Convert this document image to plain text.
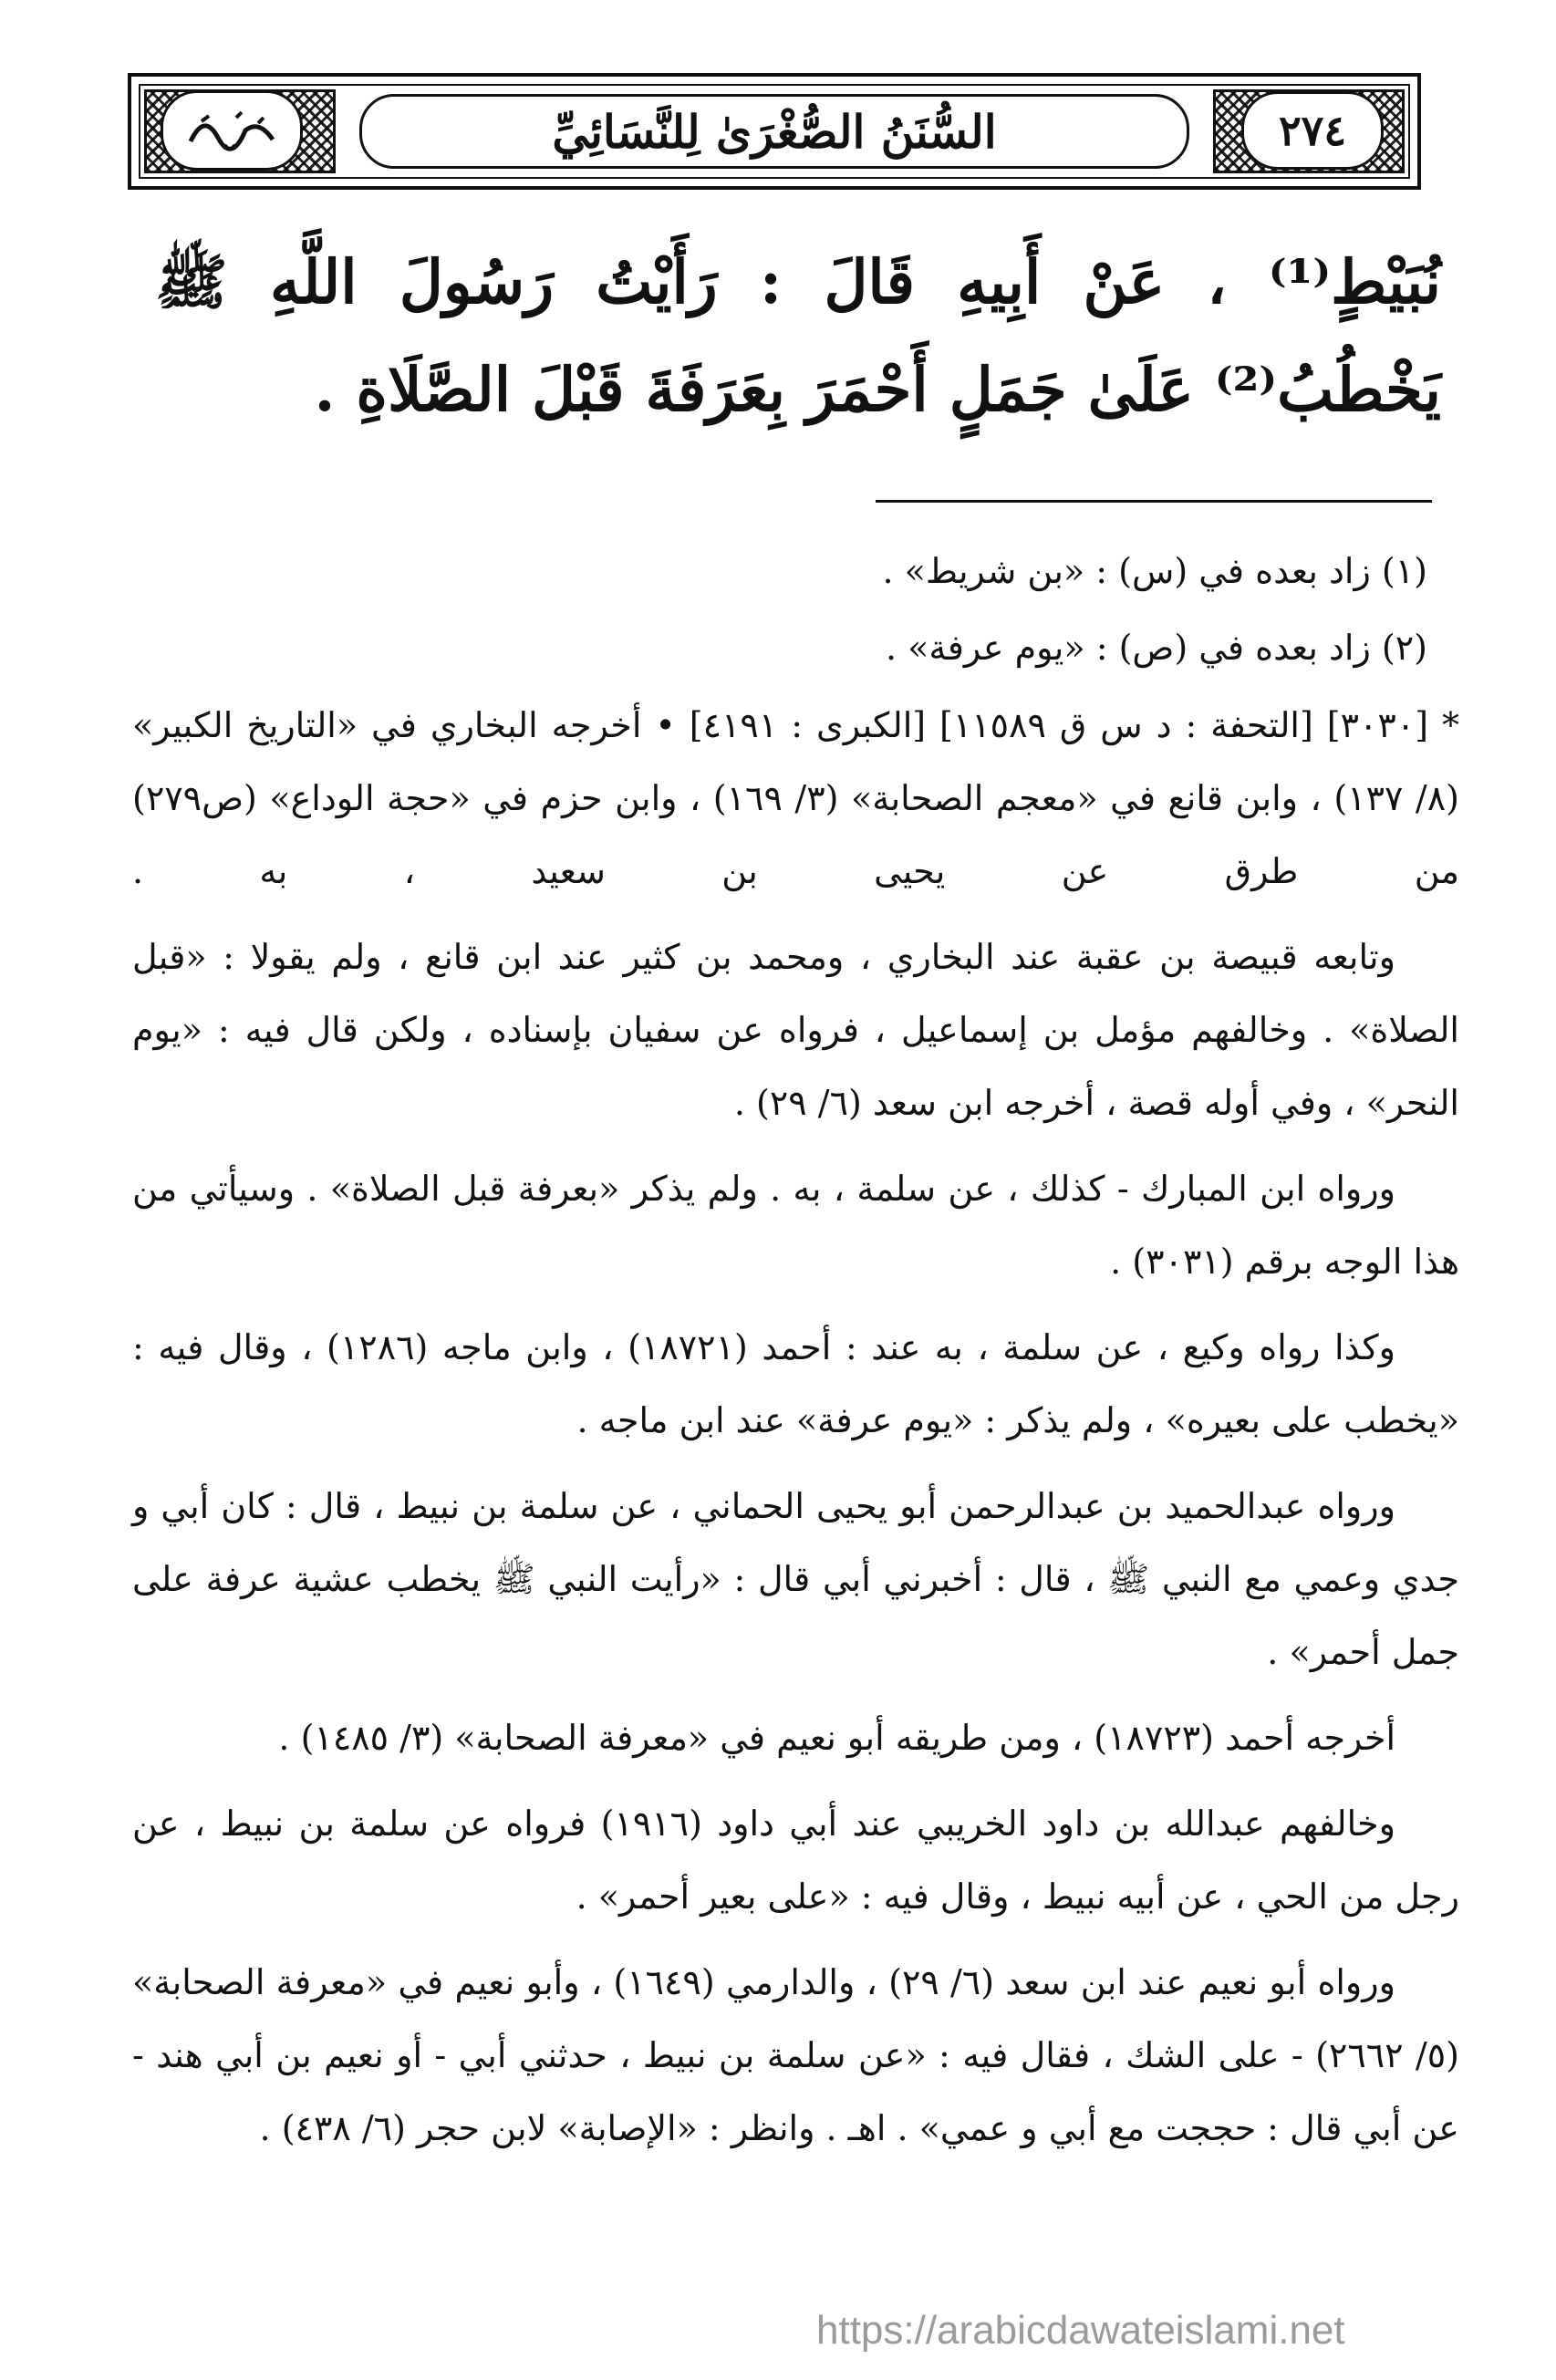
السُّنَنُ الصُّغْرَىٰ لِلنَّسَائِيِّ	٢٧٤
نُبَيْطٍ⁽¹⁾ ، عَنْ أَبِيهِ قَالَ : رَأَيْتُ رَسُولَ اللَّهِ ﷺ يَخْطُبُ⁽²⁾ عَلَىٰ جَمَلٍ أَحْمَرَ بِعَرَفَةَ قَبْلَ الصَّلَاةِ .
(١) زاد بعده في (س) : «بن شريط» .
(٢) زاد بعده في (ص) : «يوم عرفة» .

* [٣٠٣٠] [التحفة : د س ق ١١٥٨٩] [الكبرى : ٤١٩١] • أخرجه البخاري في «التاريخ الكبير» (٨/ ١٣٧) ، وابن قانع في «معجم الصحابة» (٣/ ١٦٩) ، وابن حزم في «حجة الوداع» (ص٢٧٩) من طرق عن يحيى بن سعيد ، به .

وتابعه قبيصة بن عقبة عند البخاري ، ومحمد بن كثير عند ابن قانع ، ولم يقولا : «قبل الصلاة» . وخالفهم مؤمل بن إسماعيل ، فرواه عن سفيان بإسناده ، ولكن قال فيه : «يوم النحر» ، وفي أوله قصة ، أخرجه ابن سعد (٦/ ٢٩) .

ورواه ابن المبارك - كذلك ، عن سلمة ، به . ولم يذكر «بعرفة قبل الصلاة» . وسيأتي من هذا الوجه برقم (٣٠٣١) .

وكذا رواه وكيع ، عن سلمة ، به عند : أحمد (١٨٧٢١) ، وابن ماجه (١٢٨٦) ، وقال فيه : «يخطب على بعيره» ، ولم يذكر : «يوم عرفة» عند ابن ماجه .

ورواه عبدالحميد بن عبدالرحمن أبو يحيى الحماني ، عن سلمة بن نبيط ، قال : كان أبي و جدي وعمي مع النبي ﷺ ، قال : أخبرني أبي قال : «رأيت النبي ﷺ يخطب عشية عرفة على جمل أحمر» .

أخرجه أحمد (١٨٧٢٣) ، ومن طريقه أبو نعيم في «معرفة الصحابة» (٣/ ١٤٨٥) .

وخالفهم عبدالله بن داود الخريبي عند أبي داود (١٩١٦) فرواه عن سلمة بن نبيط ، عن رجل من الحي ، عن أبيه نبيط ، وقال فيه : «على بعير أحمر» .

ورواه أبو نعيم عند ابن سعد (٦/ ٢٩) ، والدارمي (١٦٤٩) ، وأبو نعيم في «معرفة الصحابة» (٥/ ٢٦٦٢) - على الشك ، فقال فيه : «عن سلمة بن نبيط ، حدثني أبي - أو نعيم بن أبي هند - عن أبي قال : حججت مع أبي و عمي» . اهـ . وانظر : «الإصابة» لابن حجر (٦/ ٤٣٨) .

https://arabicdawateislami.net
